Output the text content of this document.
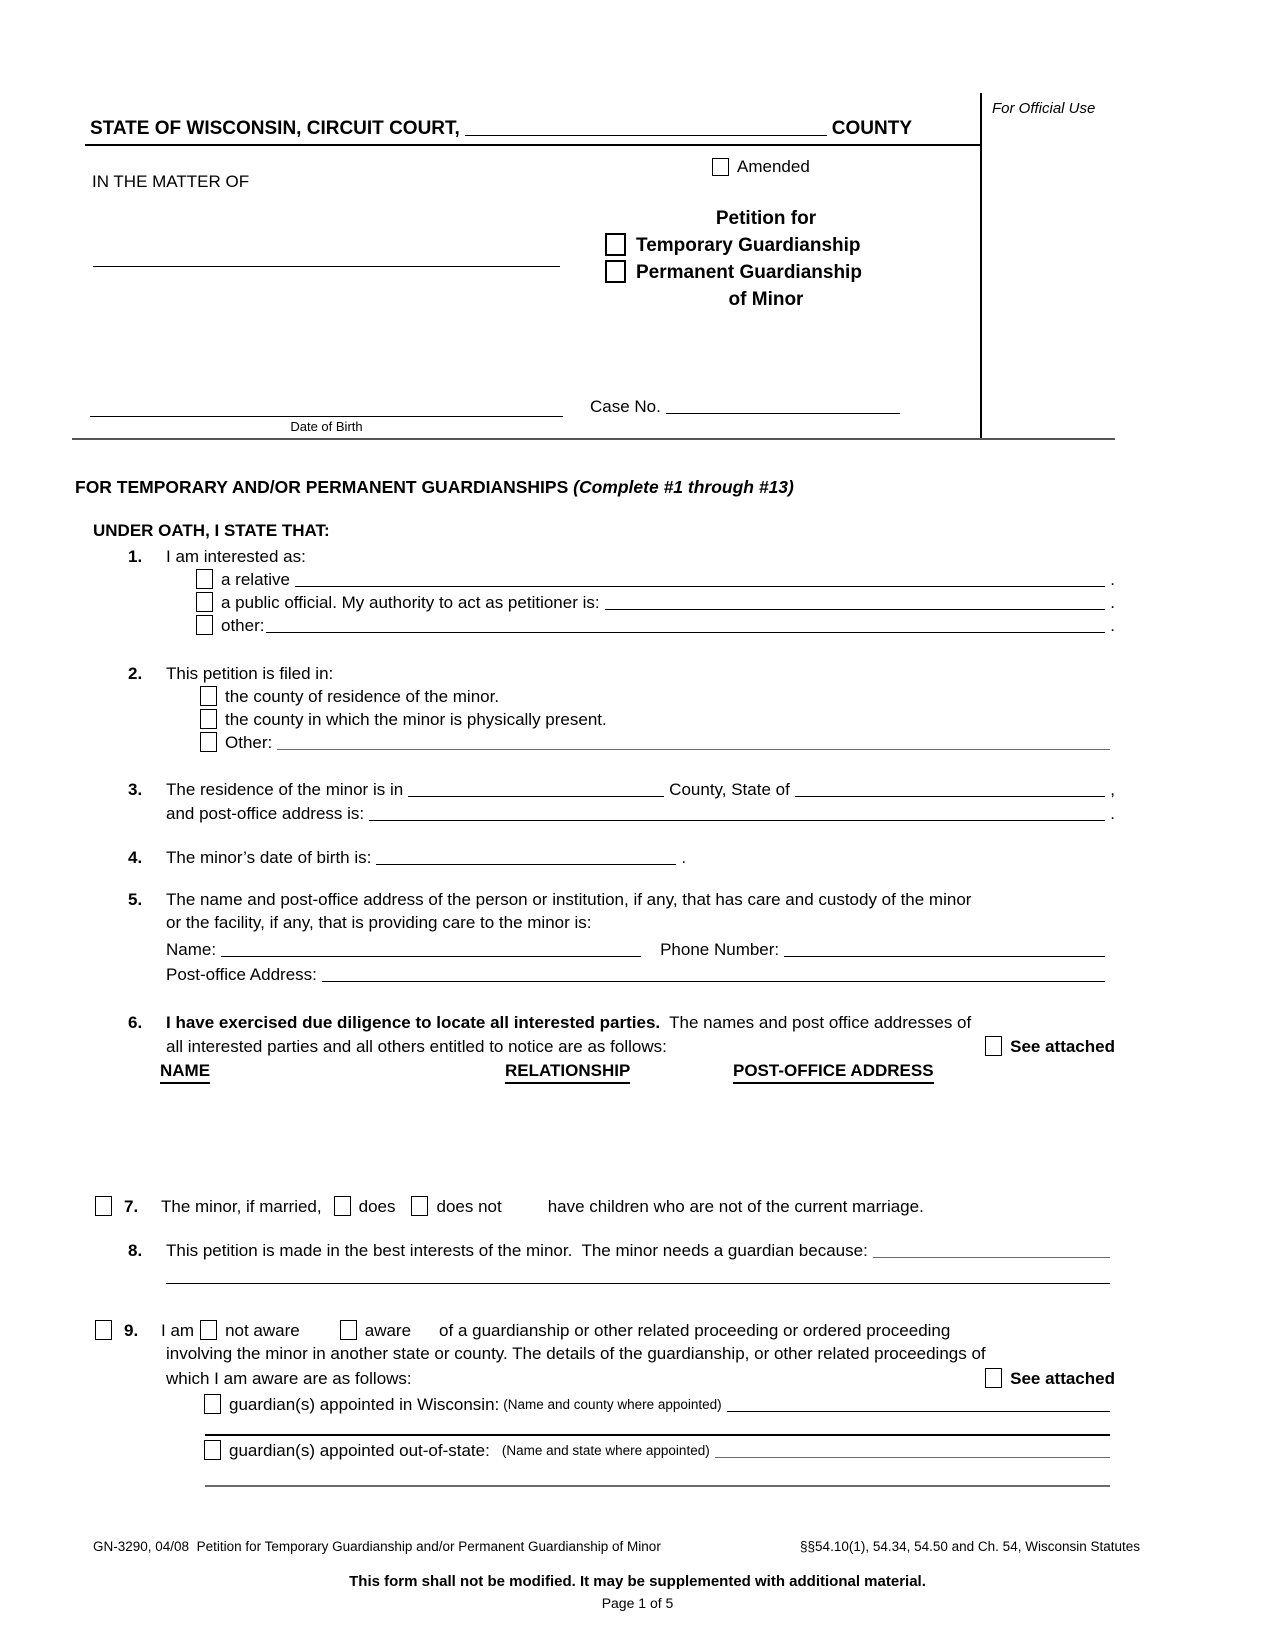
STATE OF WISCONSIN, CIRCUIT COURT,	COUNTY
For Official Use
Amended
IN THE MATTER OF
Petition for
Temporary Guardianship
Permanent Guardianship
of Minor
Date of Birth
Case No.
FOR TEMPORARY AND/OR PERMANENT GUARDIANSHIPS (Complete #1 through #13)
UNDER OATH, I STATE THAT:
1.	I am interested as:
a relative	.
a public official. My authority to act as petitioner is:	.
other:	.
2.	This petition is filed in:
the county of residence of the minor.
the county in which the minor is physically present.
Other:
3.	The residence of the minor is in	County, State of	,
and post-office address is:	.
4.	The minor’s date of birth is:	.
5.	The name and post-office address of the person or institution, if any, that has care and custody of the minor
or the facility, if any, that is providing care to the minor is:
Name:	Phone Number:
Post-office Address:
6.	I have exercised due diligence to locate all interested parties. The names and post office addresses of
all interested parties and all others entitled to notice are as follows:	See attached
NAME	RELATIONSHIP	POST-OFFICE ADDRESS
7.	The minor, if married, does does not	have children who are not of the current marriage.
8.	This petition is made in the best interests of the minor.  The minor needs a guardian because:
9.	I am not aware	aware of a guardianship or other related proceeding or ordered proceeding
involving the minor in another state or county. The details of the guardianship, or other related proceedings of
which I am aware are as follows:	See attached
guardian(s) appointed in Wisconsin: (Name and county where appointed)
guardian(s) appointed out-of-state: (Name and state where appointed)
GN-3290, 04/08  Petition for Temporary Guardianship and/or Permanent Guardianship of Minor	§§54.10(1), 54.34, 54.50 and Ch. 54, Wisconsin Statutes
This form shall not be modified. It may be supplemented with additional material.
Page 1 of 5
